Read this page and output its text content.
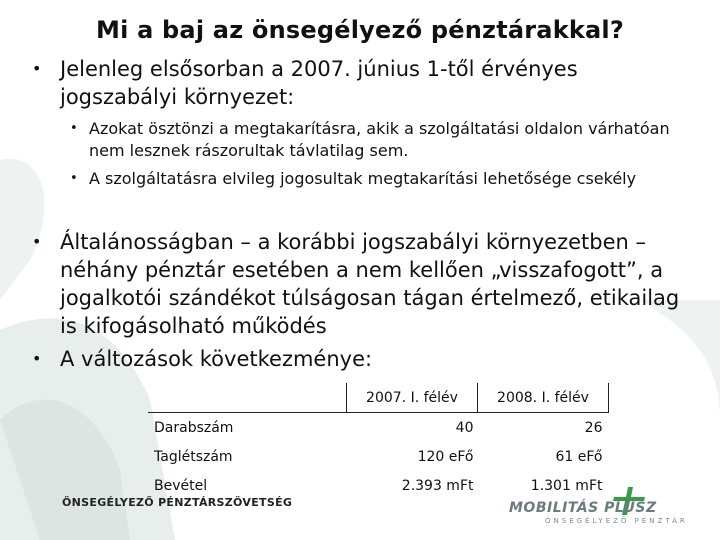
Mi a baj az önsegélyező pénztárakkal?
• Jelenleg elsősorban a 2007. június 1-től érvényes jogszabályi környezet:
• Azokat ösztönzi a megtakarításra, akik a szolgáltatási oldalon várhatóan nem lesznek rászorultak távlatilag sem.
• A szolgáltatásra elvileg jogosultak megtakarítási lehetősége csekély
• Általánosságban – a korábbi jogszabályi környezetben – néhány pénztár esetében a nem kellően „visszafogott”, a jogalkotói szándékot túlságosan tágan értelmező, etikailag is kifogásolható működés
• A változások következménye:
	2007. I. félév	2008. I. félév
Darabszám	40	26
Taglétszám	120 eFő	61 eFő
Bevétel	2.393 mFt	1.301 mFt
ÖNSEGÉLYEZŐ PÉNZTÁRSZÖVETSÉG	MOBILITÁS PLUSZ
ÖNSEGÉLYEZŐ PÉNZTÁR
